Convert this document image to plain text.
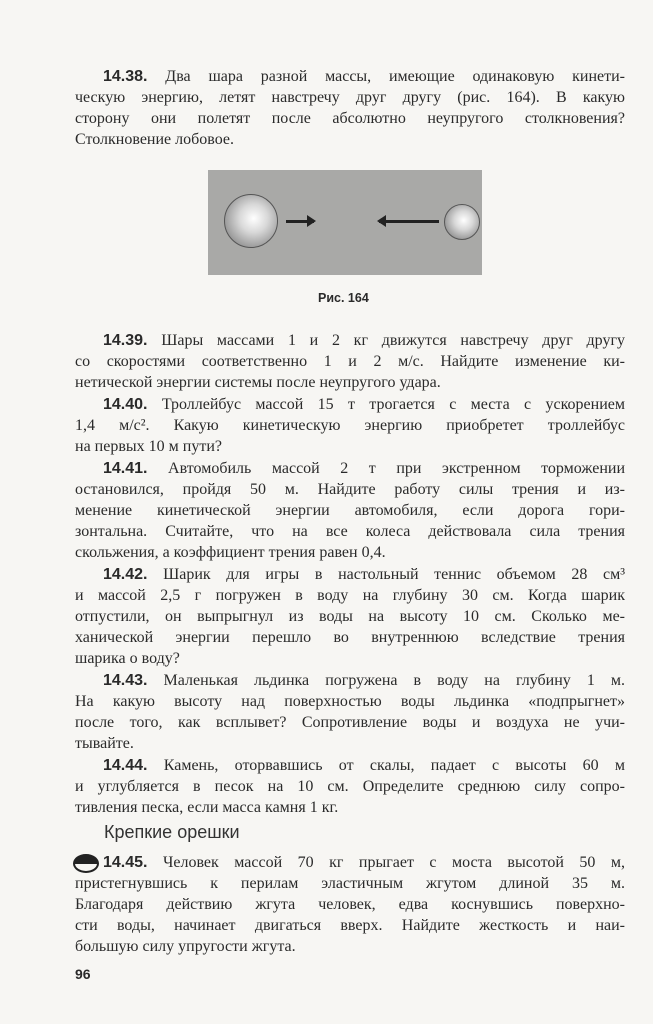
14.38. Два шара разной массы, имеющие одинаковую кинети-
ческую энергию, летят навстречу друг другу (рис. 164). В какую
сторону они полетят после абсолютно неупругого столкновения?
Столкновение лобовое.
Рис. 164
14.39. Шары массами 1 и 2 кг движутся навстречу друг другу
со скоростями соответственно 1 и 2 м/с. Найдите изменение ки-
нетической энергии системы после неупругого удара.
14.40. Троллейбус массой 15 т трогается с места с ускорением
1,4 м/с². Какую кинетическую энергию приобретет троллейбус
на первых 10 м пути?
14.41. Автомобиль массой 2 т при экстренном торможении
остановился, пройдя 50 м. Найдите работу силы трения и из-
менение кинетической энергии автомобиля, если дорога гори-
зонтальна. Считайте, что на все колеса действовала сила трения
скольжения, а коэффициент трения равен 0,4.
14.42. Шарик для игры в настольный теннис объемом 28 см³
и массой 2,5 г погружен в воду на глубину 30 см. Когда шарик
отпустили, он выпрыгнул из воды на высоту 10 см. Сколько ме-
ханической энергии перешло во внутреннюю вследствие трения
шарика о воду?
14.43. Маленькая льдинка погружена в воду на глубину 1 м.
На какую высоту над поверхностью воды льдинка «подпрыгнет»
после того, как всплывет? Сопротивление воды и воздуха не учи-
тывайте.
14.44. Камень, оторвавшись от скалы, падает с высоты 60 м
и углубляется в песок на 10 см. Определите среднюю силу сопро-
тивления песка, если масса камня 1 кг.
Крепкие орешки
14.45. Человек массой 70 кг прыгает с моста высотой 50 м,
пристегнувшись к перилам эластичным жгутом длиной 35 м.
Благодаря действию жгута человек, едва коснувшись поверхно-
сти воды, начинает двигаться вверх. Найдите жесткость и наи-
большую силу упругости жгута.
96
